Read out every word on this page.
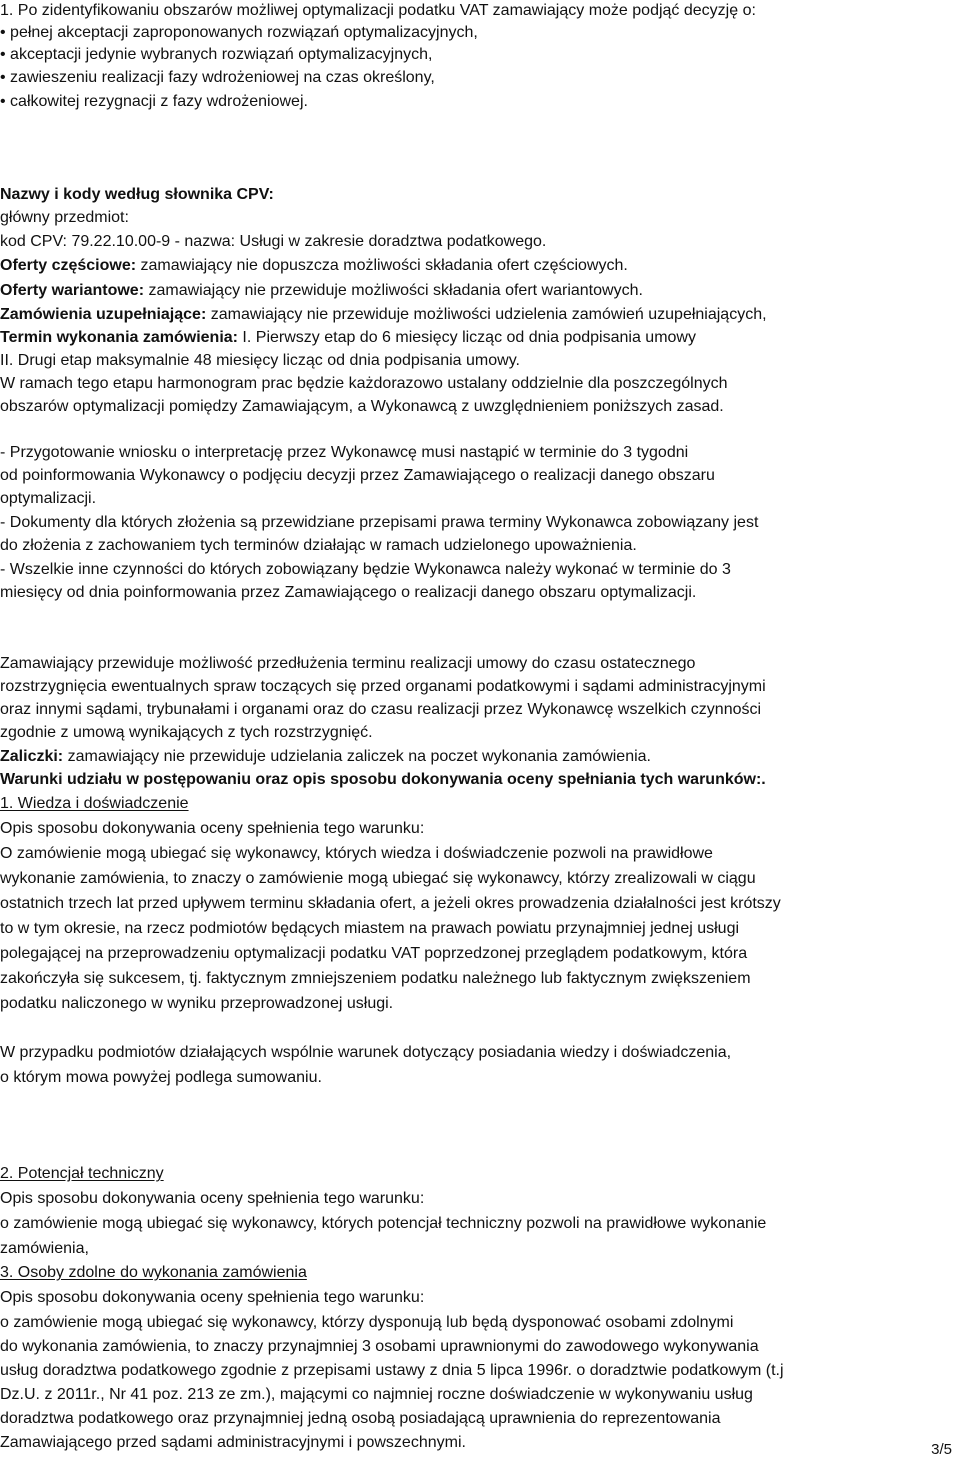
1. Po zidentyfikowaniu obszarów możliwej optymalizacji podatku VAT zamawiający może podjąć decyzję o:
• pełnej akceptacji zaproponowanych rozwiązań optymalizacyjnych,
• akceptacji jedynie wybranych rozwiązań optymalizacyjnych,
• zawieszeniu realizacji fazy wdrożeniowej na czas określony,
• całkowitej rezygnacji z fazy wdrożeniowej.
Nazwy i kody według słownika CPV:
główny przedmiot:
kod CPV: 79.22.10.00-9 - nazwa: Usługi w zakresie doradztwa podatkowego.
Oferty częściowe: zamawiający nie dopuszcza możliwości składania ofert częściowych.
Oferty wariantowe: zamawiający nie przewiduje możliwości składania ofert wariantowych.
Zamówienia uzupełniające: zamawiający nie przewiduje możliwości udzielenia zamówień uzupełniających,
Termin wykonania zamówienia: I. Pierwszy etap do 6 miesięcy licząc od dnia podpisania umowy
II. Drugi etap maksymalnie 48 miesięcy licząc od dnia podpisania umowy.
W ramach tego etapu harmonogram prac będzie każdorazowo ustalany oddzielnie dla poszczególnych
obszarów optymalizacji pomiędzy Zamawiającym, a Wykonawcą z uwzględnieniem poniższych zasad.
- Przygotowanie wniosku o interpretację przez Wykonawcę musi nastąpić w terminie do 3 tygodni
od poinformowania Wykonawcy o podjęciu decyzji przez Zamawiającego o realizacji danego obszaru
optymalizacji.
- Dokumenty dla których złożenia są przewidziane przepisami prawa terminy Wykonawca zobowiązany jest
do złożenia z zachowaniem tych terminów działając w ramach udzielonego upoważnienia.
- Wszelkie inne czynności do których zobowiązany będzie Wykonawca należy wykonać w terminie do 3
miesięcy od dnia poinformowania przez Zamawiającego o realizacji danego obszaru optymalizacji.
Zamawiający przewiduje możliwość przedłużenia terminu realizacji umowy do czasu ostatecznego
rozstrzygnięcia ewentualnych spraw toczących się przed organami podatkowymi i sądami administracyjnymi
oraz innymi sądami, trybunałami i organami oraz do czasu realizacji przez Wykonawcę wszelkich czynności
zgodnie z umową wynikających z tych rozstrzygnięć.
Zaliczki: zamawiający nie przewiduje udzielania zaliczek na poczet wykonania zamówienia.
Warunki udziału w postępowaniu oraz opis sposobu dokonywania oceny spełniania tych warunków:.
1. Wiedza i doświadczenie
Opis sposobu dokonywania oceny spełnienia tego warunku:
O zamówienie mogą ubiegać się wykonawcy, których wiedza i doświadczenie pozwoli na prawidłowe
wykonanie zamówienia, to znaczy o zamówienie mogą ubiegać się wykonawcy, którzy zrealizowali w ciągu
ostatnich trzech lat przed upływem terminu składania ofert, a jeżeli okres prowadzenia działalności jest krótszy
to w tym okresie, na rzecz podmiotów będących miastem na prawach powiatu przynajmniej jednej usługi
polegającej na przeprowadzeniu optymalizacji podatku VAT poprzedzonej przeglądem podatkowym, która
zakończyła się sukcesem, tj. faktycznym zmniejszeniem podatku należnego lub faktycznym zwiększeniem
podatku naliczonego w wyniku przeprowadzonej usługi.
W przypadku podmiotów działających wspólnie warunek dotyczący posiadania wiedzy i doświadczenia,
o którym mowa powyżej podlega sumowaniu.
2. Potencjał techniczny
Opis sposobu dokonywania oceny spełnienia tego warunku:
o zamówienie mogą ubiegać się wykonawcy, których potencjał techniczny pozwoli na prawidłowe wykonanie
zamówienia,
3. Osoby zdolne do wykonania zamówienia
Opis sposobu dokonywania oceny spełnienia tego warunku:
o zamówienie mogą ubiegać się wykonawcy, którzy dysponują lub będą dysponować osobami zdolnymi
do wykonania zamówienia, to znaczy przynajmniej 3 osobami uprawnionymi do zawodowego wykonywania
usług doradztwa podatkowego zgodnie z przepisami ustawy z dnia 5 lipca 1996r. o doradztwie podatkowym (t.j
Dz.U. z 2011r., Nr 41 poz. 213 ze zm.), mającymi co najmniej roczne doświadczenie w wykonywaniu usług
doradztwa podatkowego oraz przynajmniej jedną osobą posiadającą uprawnienia do reprezentowania
Zamawiającego przed sądami administracyjnymi i powszechnymi.	3/5
